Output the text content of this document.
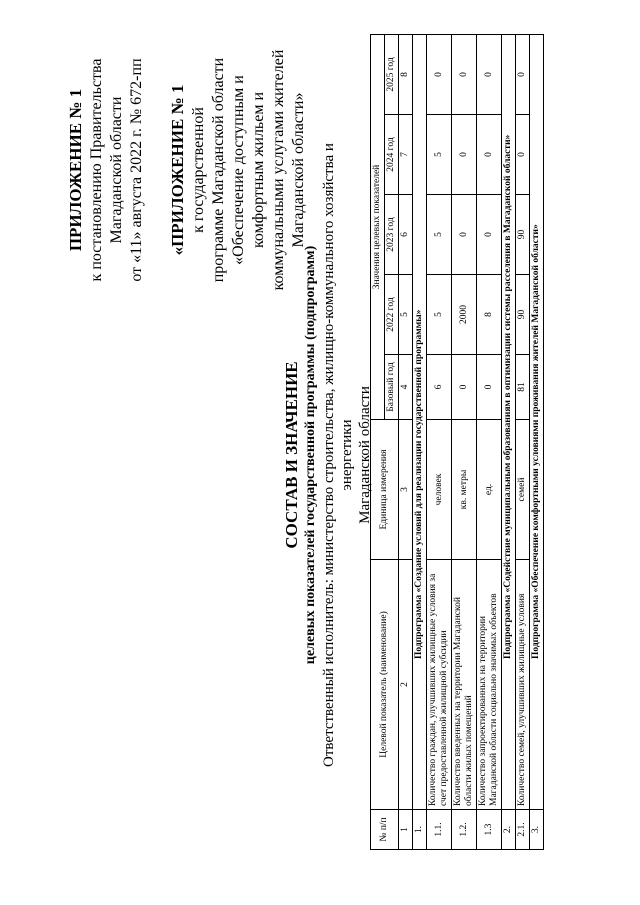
ПРИЛОЖЕНИЕ № 1 к постановлению Правительства Магаданской области от «11» августа 2022 г. № 672-пп «ПРИЛОЖЕНИЕ № 1 к государственной программе Магаданской области «Обеспечение доступным и комфортным жильем и коммунальными услугами жителей Магаданской области»
СОСТАВ И ЗНАЧЕНИЕ целевых показателей государственной программы (подпрограмм) Ответственный исполнитель: министерство строительства, жилищно-коммунального хозяйства и энергетики Магаданской области
№ п/п	Целевой показатель (наименование)	Единица измерения	Значения целевых показателей				
			Базовый год	2022 год	2023 год	2024 год	2025 год
1	2	3	4	5	6	7	8
1.	Подпрограмма «Создание условий для реализации государственной программы»						
1.1.	Количество граждан, улучшивших жилищные условия за счет предоставленной жилищной субсидии	человек	6	5	5	5	0
1.2.	Количество введенных на территории Магаданской области жилых помещений	кв. метры	0	2000	0	0	0
1.3	Количество запроектированных на территории Магаданской области социально значимых объектов	ед.	0	8	0	0	0
2.	Подпрограмма «Содействие муниципальным образованиям в оптимизации системы расселения в Магаданской области»						
2.1.	Количество семей, улучшивших жилищные условия	семей	81	90	90	0	0
3.	Подпрограмма «Обеспечение комфортными условиями проживания жителей Магаданской области»						
